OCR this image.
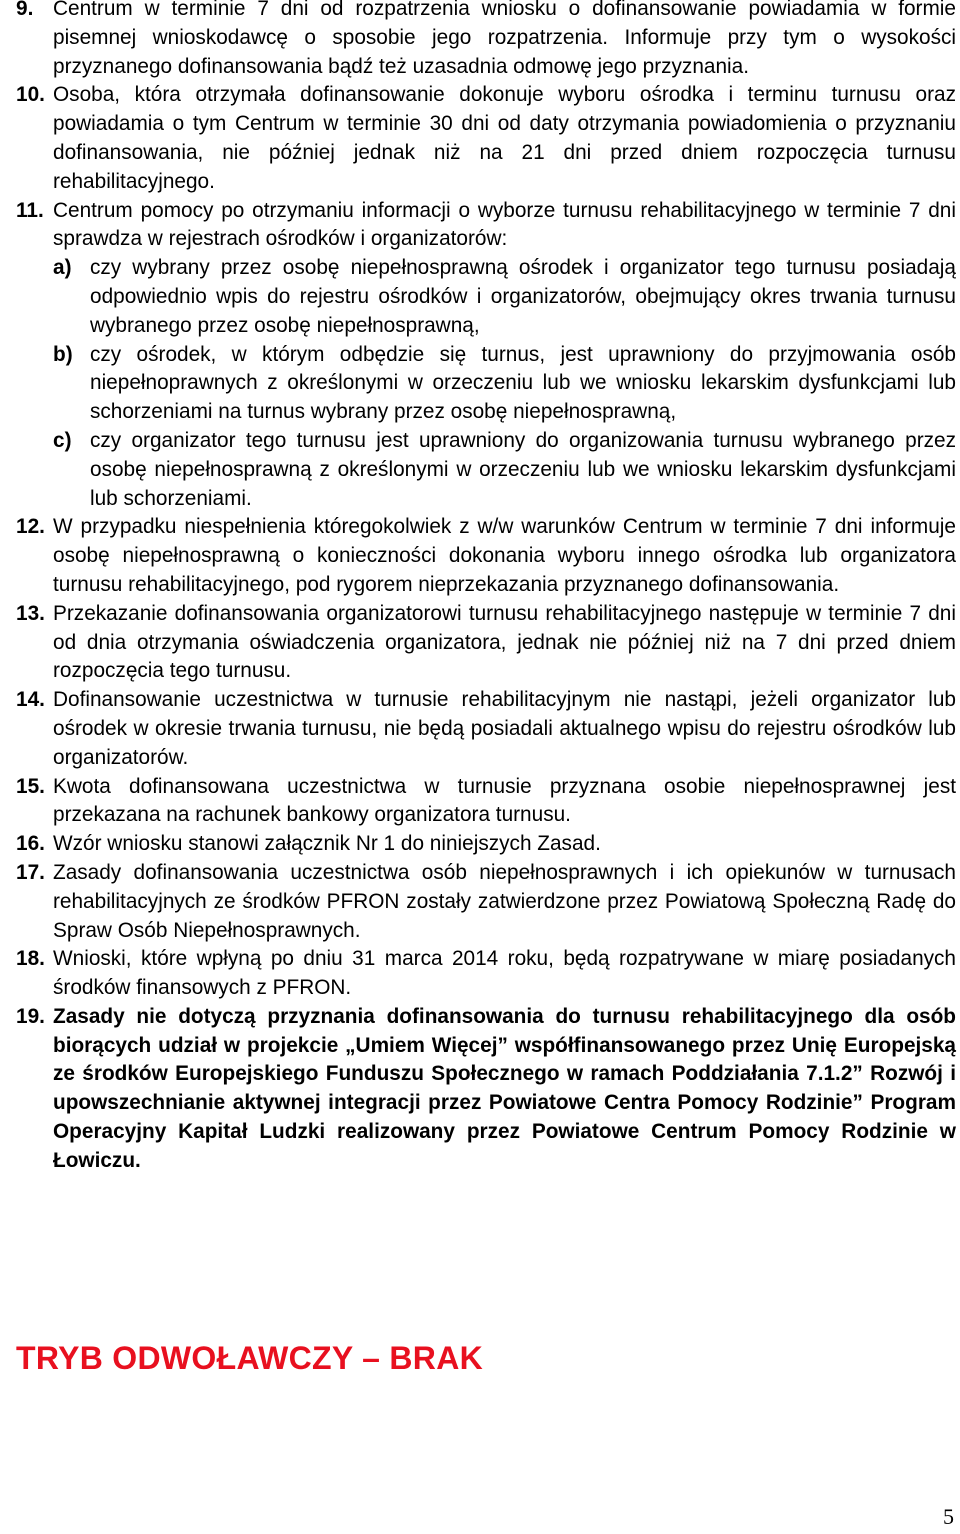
9. Centrum w terminie 7 dni od rozpatrzenia wniosku o dofinansowanie powiadamia w formie pisemnej wnioskodawcę o sposobie jego rozpatrzenia. Informuje przy tym o wysokości przyznanego dofinansowania bądź też uzasadnia odmowę jego przyznania.
10. Osoba, która otrzymała dofinansowanie dokonuje wyboru ośrodka i terminu turnusu oraz powiadamia o tym Centrum w terminie 30 dni od daty otrzymania powiadomienia o przyznaniu dofinansowania, nie później jednak niż na 21 dni przed dniem rozpoczęcia turnusu rehabilitacyjnego.
11. Centrum pomocy po otrzymaniu informacji o wyborze turnusu rehabilitacyjnego w terminie 7 dni sprawdza w rejestrach ośrodków i organizatorów:
a) czy wybrany przez osobę niepełnosprawną ośrodek i organizator tego turnusu posiadają odpowiednio wpis do rejestru ośrodków i organizatorów, obejmujący okres trwania turnusu wybranego przez osobę niepełnosprawną,
b) czy ośrodek, w którym odbędzie się turnus, jest uprawniony do przyjmowania osób niepełnoprawnych z określonymi w orzeczeniu lub we wniosku lekarskim dysfunkcjami lub schorzeniami na turnus wybrany przez osobę niepełnosprawną,
c) czy organizator tego turnusu jest uprawniony do organizowania turnusu wybranego przez osobę niepełnosprawną z określonymi w orzeczeniu lub we wniosku lekarskim dysfunkcjami lub schorzeniami.
12. W przypadku niespełnienia któregokolwiek z w/w warunków Centrum w terminie 7 dni informuje osobę niepełnosprawną o konieczności dokonania wyboru innego ośrodka lub organizatora turnusu rehabilitacyjnego, pod rygorem nieprzekazania przyznanego dofinansowania.
13. Przekazanie dofinansowania organizatorowi turnusu rehabilitacyjnego następuje w terminie 7 dni od dnia otrzymania oświadczenia organizatora, jednak nie później niż na 7 dni przed dniem rozpoczęcia tego turnusu.
14. Dofinansowanie uczestnictwa w turnusie rehabilitacyjnym nie nastąpi, jeżeli organizator lub ośrodek w okresie trwania turnusu, nie będą posiadali aktualnego wpisu do rejestru ośrodków lub organizatorów.
15. Kwota dofinansowana uczestnictwa w turnusie przyznana osobie niepełnosprawnej jest przekazana na rachunek bankowy organizatora turnusu.
16. Wzór wniosku stanowi załącznik Nr 1 do niniejszych Zasad.
17. Zasady dofinansowania uczestnictwa osób niepełnosprawnych i ich opiekunów w turnusach rehabilitacyjnych ze środków PFRON zostały zatwierdzone przez Powiatową Społeczną Radę do Spraw Osób Niepełnosprawnych.
18. Wnioski, które wpłyną po dniu 31 marca 2014 roku, będą rozpatrywane w miarę posiadanych środków finansowych z PFRON.
19. Zasady nie dotyczą przyznania dofinansowania do turnusu rehabilitacyjnego dla osób biorących udział w projekcie „Umiem Więcej” współfinansowanego przez Unię Europejską ze środków Europejskiego Funduszu Społecznego w ramach Poddziałania 7.1.2” Rozwój i upowszechnianie aktywnej integracji przez Powiatowe Centra Pomocy Rodzinie” Program Operacyjny Kapitał Ludzki realizowany przez Powiatowe Centrum Pomocy Rodzinie w Łowiczu.
TRYB ODWOŁAWCZY – BRAK
5
